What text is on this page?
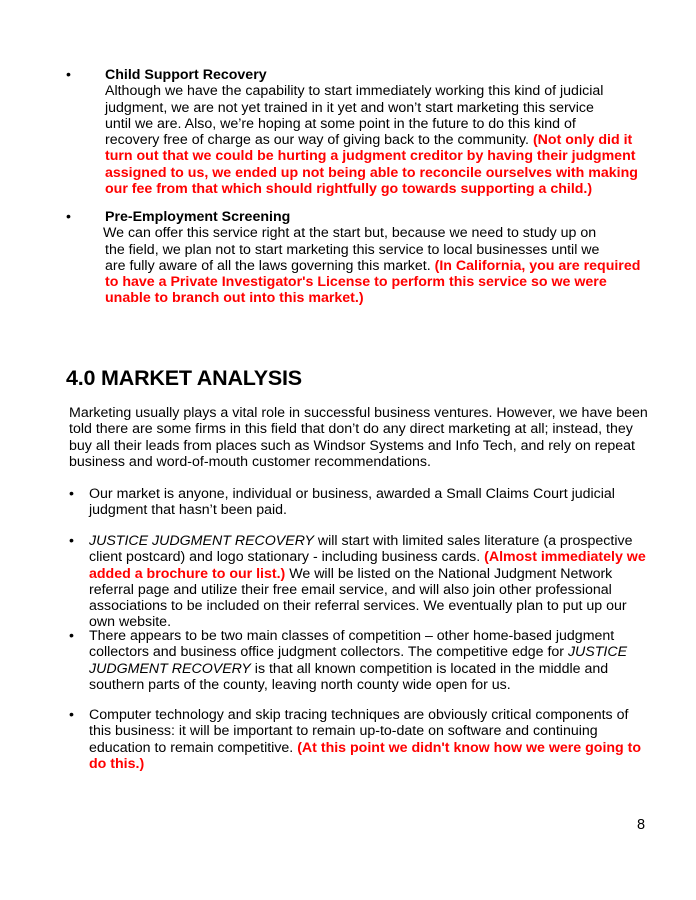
•	Child Support Recovery

Although we have the capability to start immediately working this kind of judicial

judgment, we are not yet trained in it yet and won’t start marketing this service

until we are. Also, we’re hoping at some point in the future to do this kind of

recovery free of charge as our way of giving back to the community. (Not only did it turn out that we could be hurting a judgment creditor by having their judgment assigned to us, we ended up not being able to reconcile ourselves with making our fee from that which should rightfully go towards supporting a child.)

•	Pre-Employment Screening

We can offer this service right at the start but, because we need to study up on

the field, we plan not to start marketing this service to local businesses until we

are fully aware of all the laws governing this market. (In California, you are required to have a Private Investigator's License to perform this service so we were unable to branch out into this market.)

4.0 MARKET ANALYSIS

Marketing usually plays a vital role in successful business ventures. However, we have been told there are some firms in this field that don’t do any direct marketing at all; instead, they buy all their leads from places such as Windsor Systems and Info Tech, and rely on repeat business and word-of-mouth customer recommendations.

• Our market is anyone, individual or business, awarded a Small Claims Court judicial judgment that hasn’t been paid.
• JUSTICE JUDGMENT RECOVERY will start with limited sales literature (a prospective client postcard) and logo stationary - including business cards. (Almost immediately we added a brochure to our list.) We will be listed on the National Judgment Network referral page and utilize their free email service, and will also join other professional associations to be included on their referral services. We eventually plan to put up our own website.
• There appears to be two main classes of competition – other home-based judgment collectors and business office judgment collectors. The competitive edge for JUSTICE JUDGMENT RECOVERY is that all known competition is located in the middle and southern parts of the county, leaving north county wide open for us.
• Computer technology and skip tracing techniques are obviously critical components of this business: it will be important to remain up-to-date on software and continuing education to remain competitive. (At this point we didn't know how we were going to do this.)
8
